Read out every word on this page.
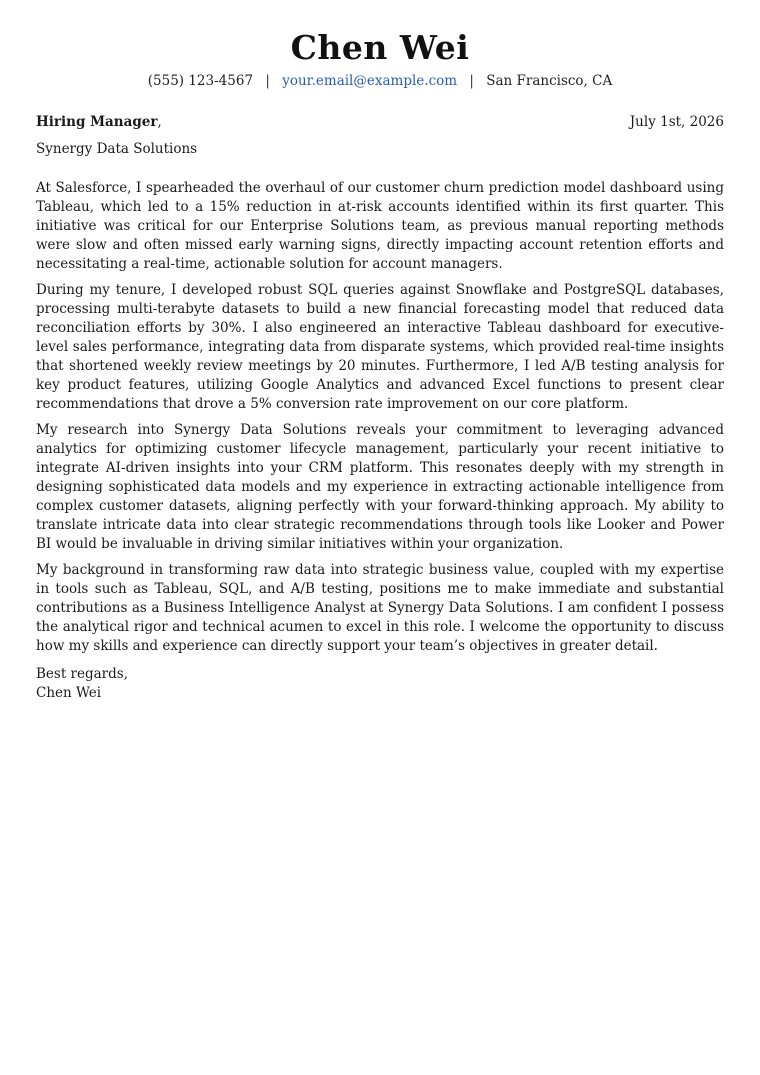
Chen Wei
(555) 123-4567 | your.email@example.com | San Francisco, CA
Hiring Manager,	July 1st, 2026
Synergy Data Solutions

At Salesforce, I spearheaded the overhaul of our customer churn prediction model dashboard using Tableau, which led to a 15% reduction in at-risk accounts identified within its first quarter. This initiative was critical for our Enterprise Solutions team, as previous manual reporting methods were slow and often missed early warning signs, directly impacting account retention efforts and necessitating a real-time, actionable solution for account managers.

During my tenure, I developed robust SQL queries against Snowflake and PostgreSQL databases, processing multi-terabyte datasets to build a new financial forecasting model that reduced data reconciliation efforts by 30%. I also engineered an interactive Tableau dashboard for executive-level sales performance, integrating data from disparate systems, which provided real-time insights that shortened weekly review meetings by 20 minutes. Furthermore, I led A/B testing analysis for key product features, utilizing Google Analytics and advanced Excel functions to present clear recommendations that drove a 5% conversion rate improvement on our core platform.

My research into Synergy Data Solutions reveals your commitment to leveraging advanced analytics for optimizing customer lifecycle management, particularly your recent initiative to integrate AI-driven insights into your CRM platform. This resonates deeply with my strength in designing sophisticated data models and my experience in extracting actionable intelligence from complex customer datasets, aligning perfectly with your forward-thinking approach. My ability to translate intricate data into clear strategic recommendations through tools like Looker and Power BI would be invaluable in driving similar initiatives within your organization.

My background in transforming raw data into strategic business value, coupled with my expertise in tools such as Tableau, SQL, and A/B testing, positions me to make immediate and substantial contributions as a Business Intelligence Analyst at Synergy Data Solutions. I am confident I possess the analytical rigor and technical acumen to excel in this role. I welcome the opportunity to discuss how my skills and experience can directly support your team’s objectives in greater detail.

Best regards,
Chen Wei
